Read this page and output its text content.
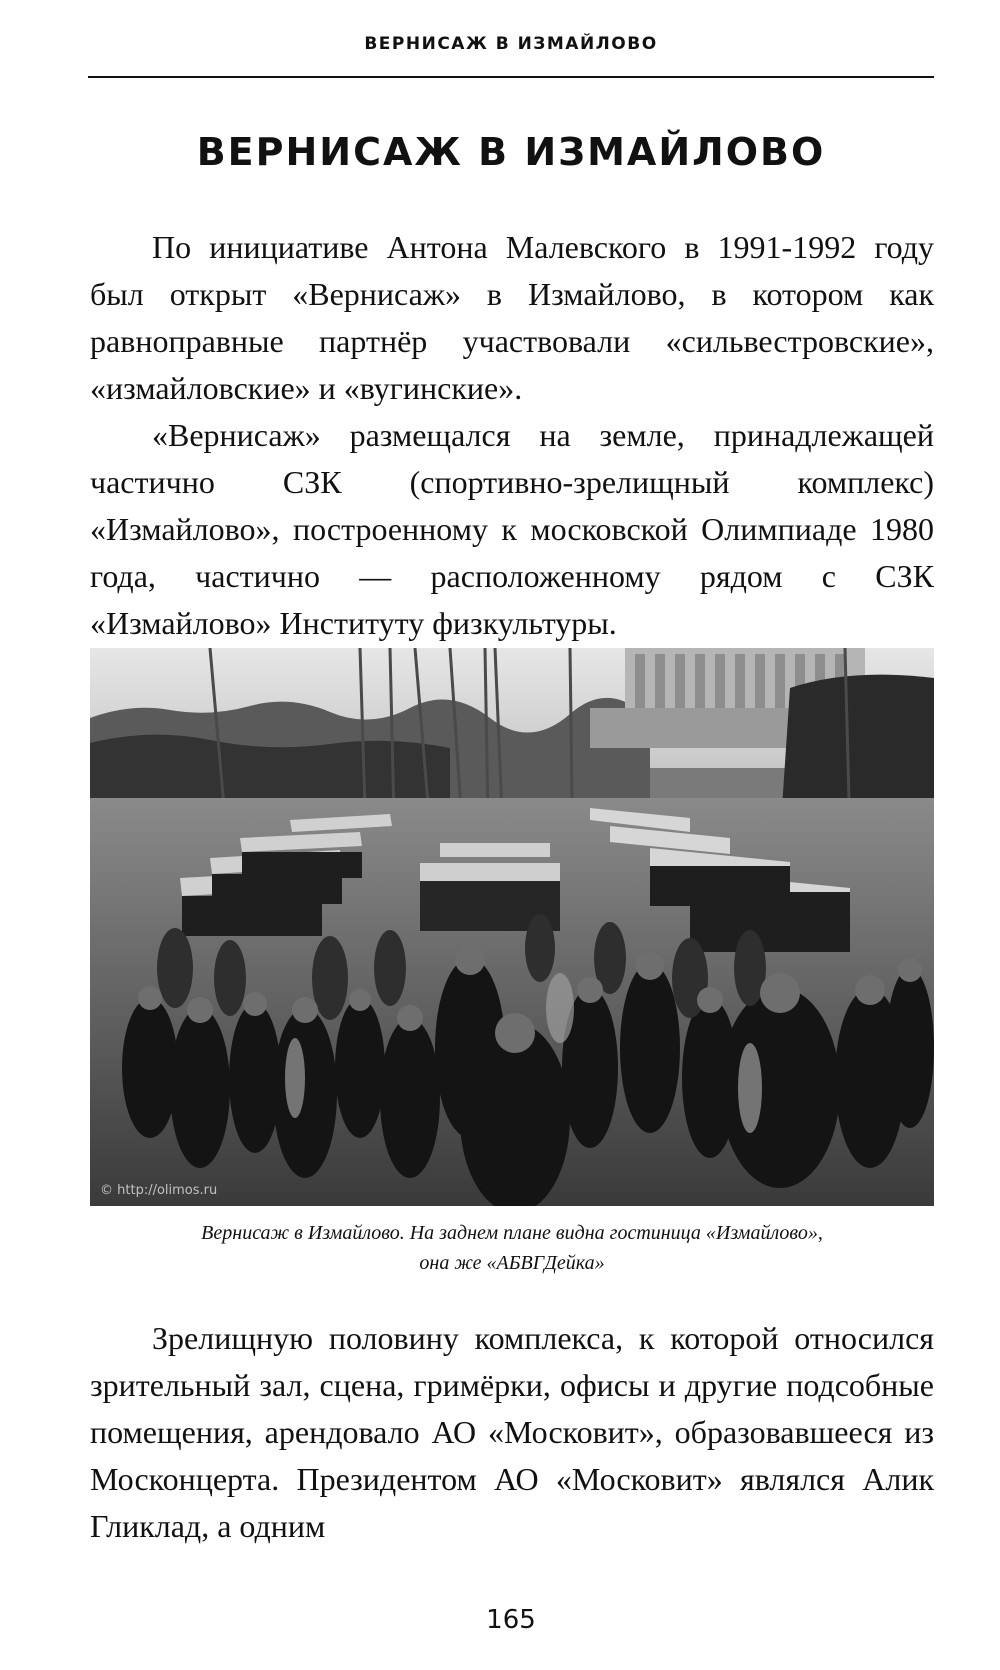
ВЕРНИСАЖ В ИЗМАЙЛОВО
ВЕРНИСАЖ В ИЗМАЙЛОВО

По инициативе Антона Малевского в 1991-1992 году был открыт «Вернисаж» в Измайлово, в котором как равноправные партнёр участвовали «сильвестровские», «измайловские» и «вугинские».

«Вернисаж» размещался на земле, принадлежащей частично СЗК (спортивно-зрелищный комплекс) «Измайлово», построенному к московской Олимпиаде 1980 года, частично — расположенному рядом с СЗК «Измайлово» Институту физкультуры.

© http://olimos.ru
Вернисаж в Измайлово. На заднем плане видна гостиница «Измайлово»,
она же «АБВГДейка»

Зрелищную половину комплекса, к которой относился зрительный зал, сцена, гримёрки, офисы и другие подсобные помещения, арендовало АО «Московит», образовавшееся из Москонцерта. Президентом АО «Московит» являлся Алик Гликлад, а одним

165
